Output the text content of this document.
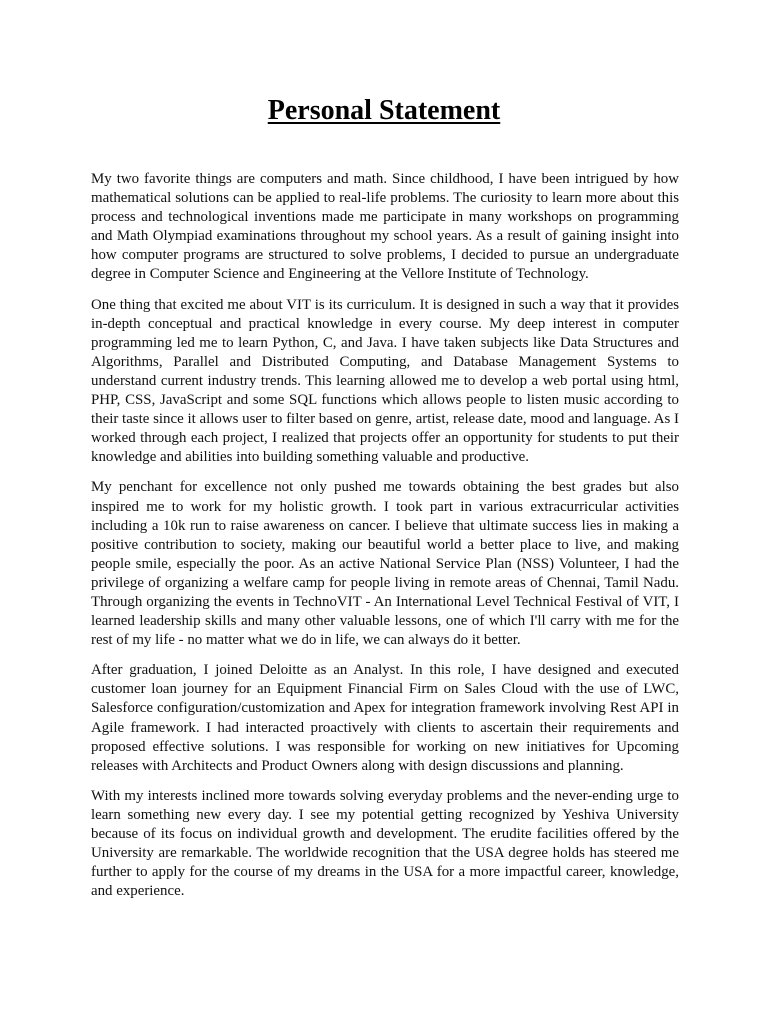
Personal Statement

My two favorite things are computers and math. Since childhood, I have been intrigued by how mathematical solutions can be applied to real-life problems. The curiosity to learn more about this process and technological inventions made me participate in many workshops on programming and Math Olympiad examinations throughout my school years. As a result of gaining insight into how computer programs are structured to solve problems, I decided to pursue an undergraduate degree in Computer Science and Engineering at the Vellore Institute of Technology.

One thing that excited me about VIT is its curriculum. It is designed in such a way that it provides in-depth conceptual and practical knowledge in every course. My deep interest in computer programming led me to learn Python, C, and Java. I have taken subjects like Data Structures and Algorithms, Parallel and Distributed Computing, and Database Management Systems to understand current industry trends. This learning allowed me to develop a web portal using html, PHP, CSS, JavaScript and some SQL functions which allows people to listen music according to their taste since it allows user to filter based on genre, artist, release date, mood and language. As I worked through each project, I realized that projects offer an opportunity for students to put their knowledge and abilities into building something valuable and productive.

My penchant for excellence not only pushed me towards obtaining the best grades but also inspired me to work for my holistic growth. I took part in various extracurricular activities including a 10k run to raise awareness on cancer. I believe that ultimate success lies in making a positive contribution to society, making our beautiful world a better place to live, and making people smile, especially the poor. As an active National Service Plan (NSS) Volunteer, I had the privilege of organizing a welfare camp for people living in remote areas of Chennai, Tamil Nadu. Through organizing the events in TechnoVIT - An International Level Technical Festival of VIT, I learned leadership skills and many other valuable lessons, one of which I'll carry with me for the rest of my life - no matter what we do in life, we can always do it better.

After graduation, I joined Deloitte as an Analyst. In this role, I have designed and executed customer loan journey for an Equipment Financial Firm on Sales Cloud with the use of LWC, Salesforce configuration/customization and Apex for integration framework involving Rest API in Agile framework. I had interacted proactively with clients to ascertain their requirements and proposed effective solutions. I was responsible for working on new initiatives for Upcoming releases with Architects and Product Owners along with design discussions and planning.

With my interests inclined more towards solving everyday problems and the never-ending urge to learn something new every day. I see my potential getting recognized by Yeshiva University because of its focus on individual growth and development. The erudite facilities offered by the University are remarkable. The worldwide recognition that the USA degree holds has steered me further to apply for the course of my dreams in the USA for a more impactful career, knowledge, and experience.
